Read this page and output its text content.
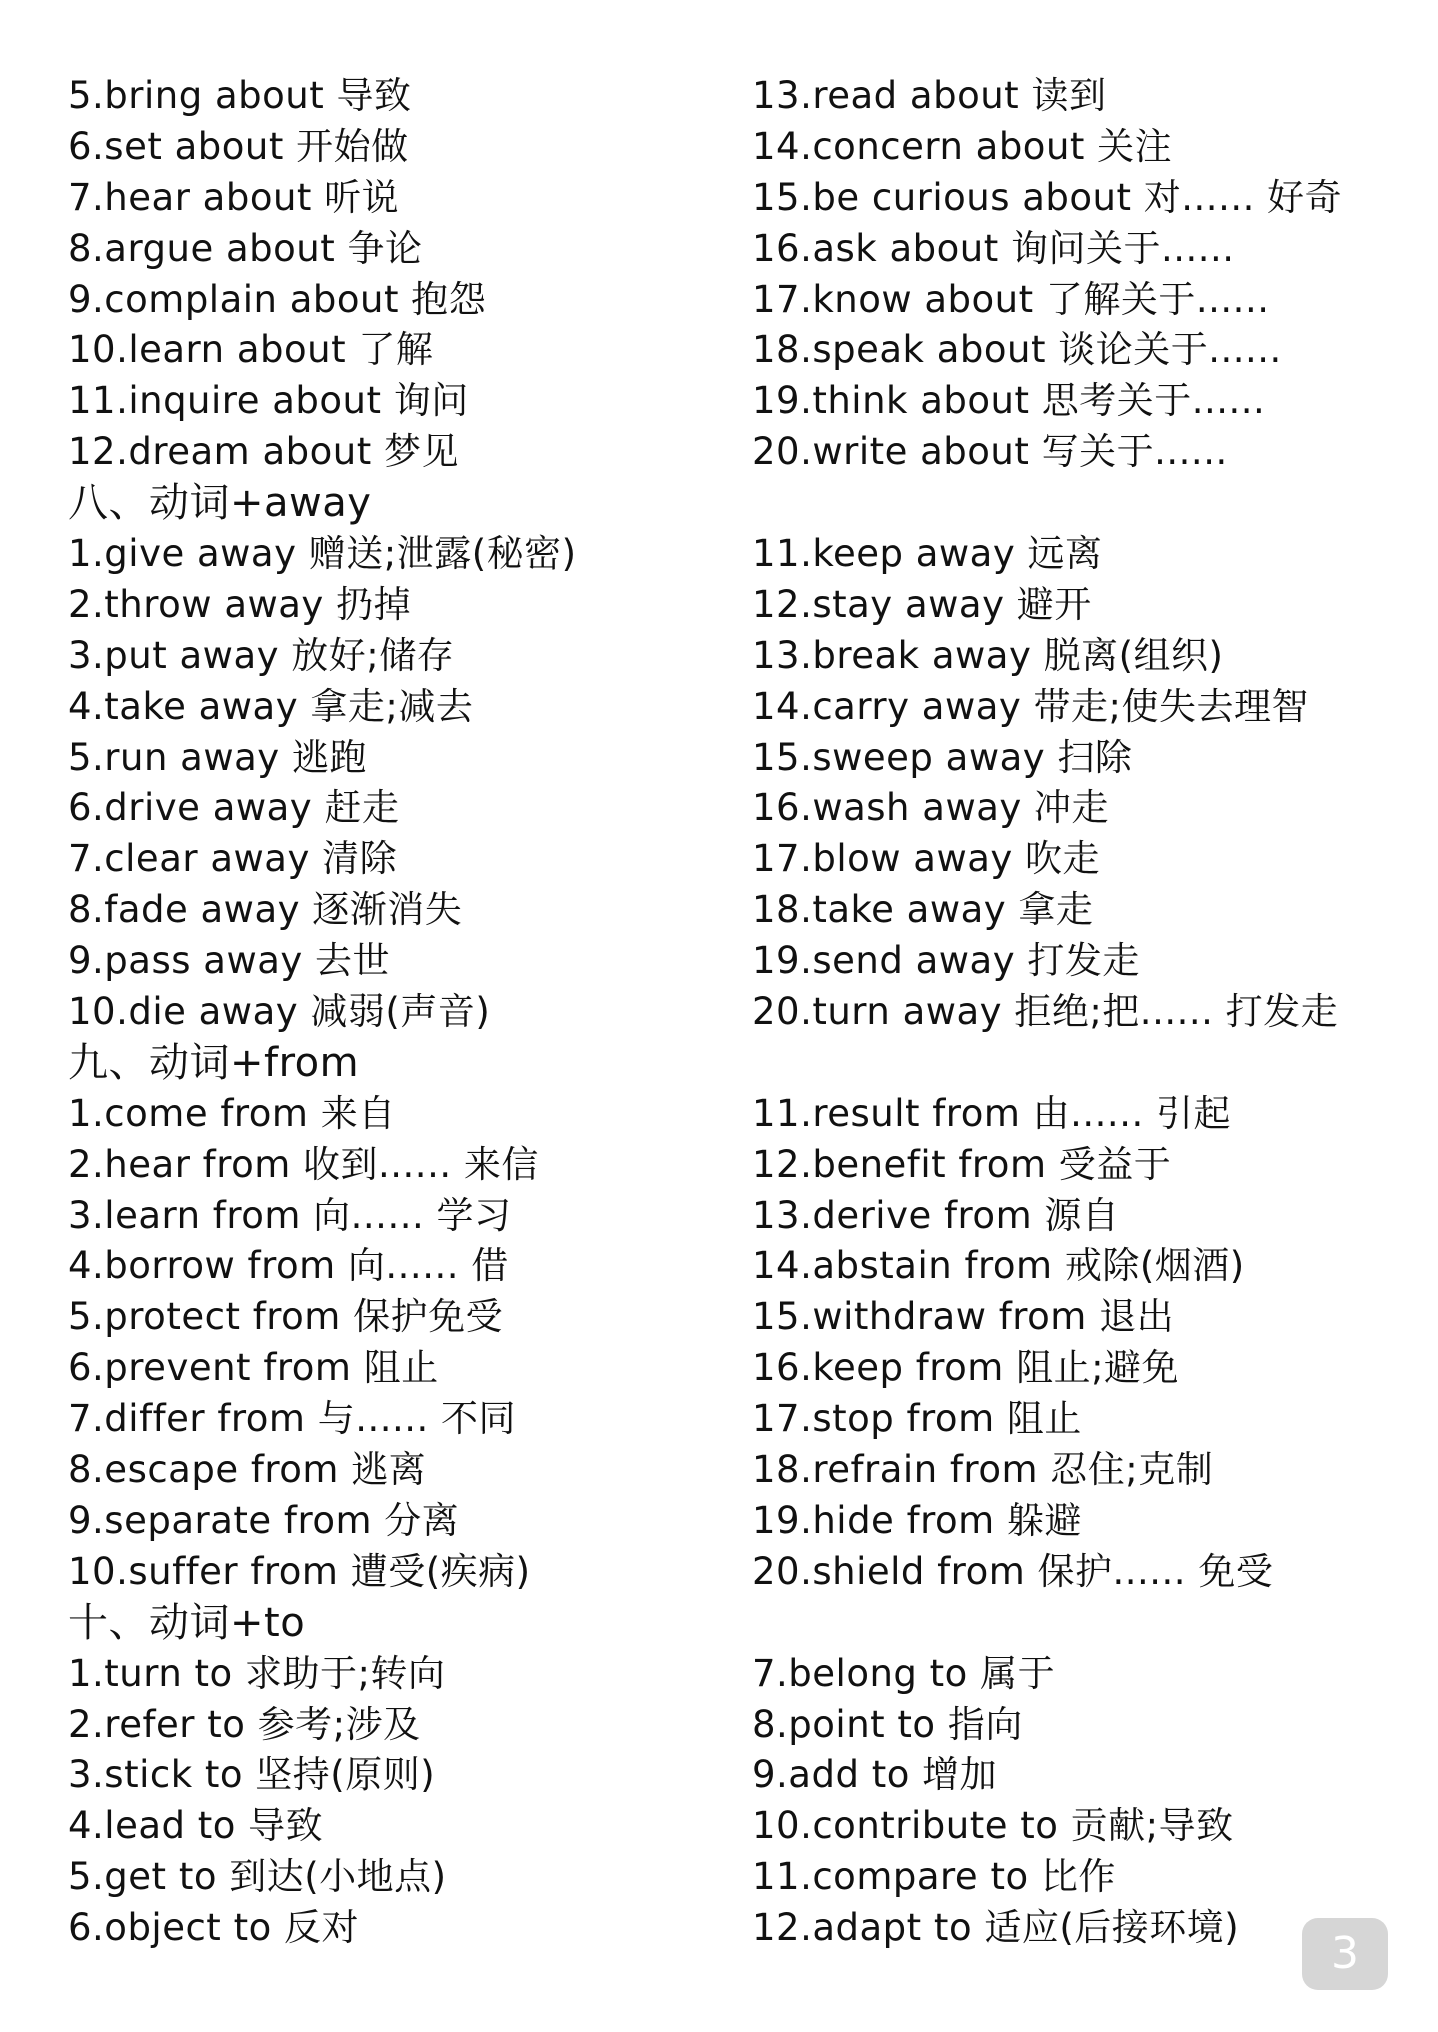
5.bring about 导致
6.set about 开始做
7.hear about 听说
8.argue about 争论
9.complain about 抱怨
10.learn about 了解
11.inquire about 询问
12.dream about 梦见
八、动词+away
1.give away 赠送;泄露(秘密)
2.throw away 扔掉
3.put away 放好;储存
4.take away 拿走;减去
5.run away 逃跑
6.drive away 赶走
7.clear away 清除
8.fade away 逐渐消失
9.pass away 去世
10.die away 减弱(声音)
九、动词+from
1.come from 来自
2.hear from 收到...... 来信
3.learn from 向...... 学习
4.borrow from 向...... 借
5.protect from 保护免受
6.prevent from 阻止
7.differ from 与...... 不同
8.escape from 逃离
9.separate from 分离
10.suffer from 遭受(疾病)
十、动词+to
1.turn to 求助于;转向
2.refer to 参考;涉及
3.stick to 坚持(原则)
4.lead to 导致
5.get to 到达(小地点)
6.object to 反对
13.read about 读到
14.concern about 关注
15.be curious about 对...... 好奇
16.ask about 询问关于......
17.know about 了解关于......
18.speak about 谈论关于......
19.think about 思考关于......
20.write about 写关于......
11.keep away 远离
12.stay away 避开
13.break away 脱离(组织)
14.carry away 带走;使失去理智
15.sweep away 扫除
16.wash away 冲走
17.blow away 吹走
18.take away 拿走
19.send away 打发走
20.turn away 拒绝;把...... 打发走
11.result from 由...... 引起
12.benefit from 受益于
13.derive from 源自
14.abstain from 戒除(烟酒)
15.withdraw from 退出
16.keep from 阻止;避免
17.stop from 阻止
18.refrain from 忍住;克制
19.hide from 躲避
20.shield from 保护...... 免受
7.belong to 属于
8.point to 指向
9.add to 增加
10.contribute to 贡献;导致
11.compare to 比作
12.adapt to 适应(后接环境)
3
